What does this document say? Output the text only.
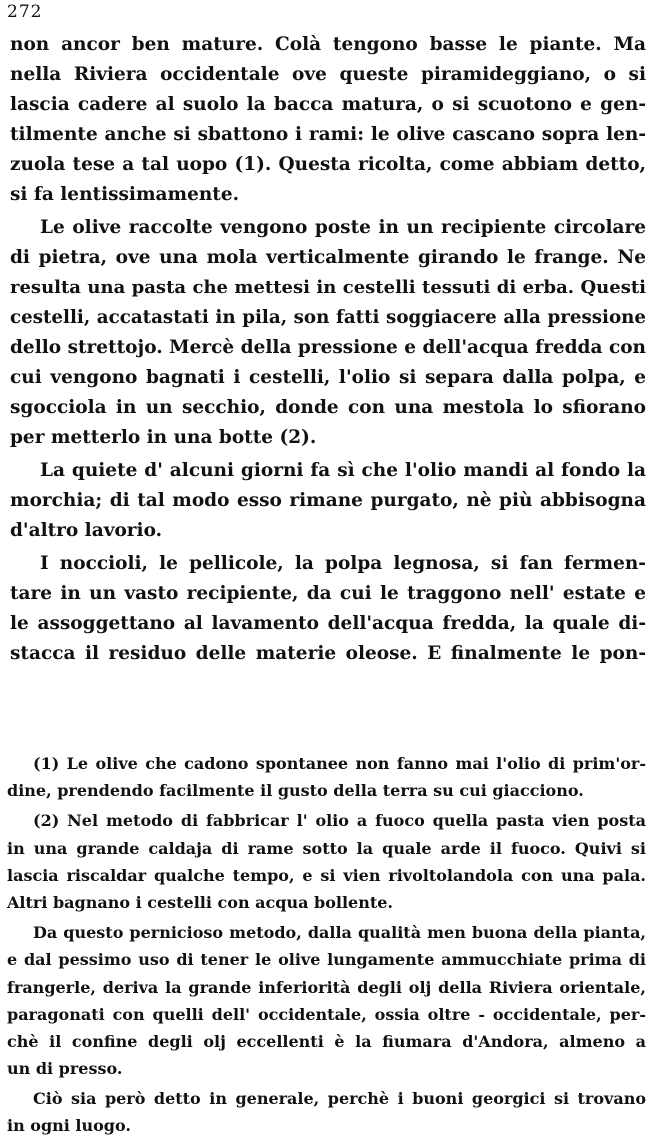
272
non ancor ben mature. Colà tengono basse le piante. Ma
nella Riviera occidentale ove queste piramideggiano, o si
lascia cadere al suolo la bacca matura, o si scuotono e gen-
tilmente anche si sbattono i rami: le olive cascano sopra len-
zuola tese a tal uopo (1). Questa ricolta, come abbiam detto,
si fa lentissimamente.
Le olive raccolte vengono poste in un recipiente circolare
di pietra, ove una mola verticalmente girando le frange. Ne
resulta una pasta che mettesi in cestelli tessuti di erba. Questi
cestelli, accatastati in pila, son fatti soggiacere alla pressione
dello strettojo. Mercè della pressione e dell'acqua fredda con
cui vengono bagnati i cestelli, l'olio si separa dalla polpa, e
sgocciola in un secchio, donde con una mestola lo sfiorano
per metterlo in una botte (2).
La quiete d' alcuni giorni fa sì che l'olio mandi al fondo la
morchia; di tal modo esso rimane purgato, nè più abbisogna
d'altro lavorio.
I noccioli, le pellicole, la polpa legnosa, si fan fermen-
tare in un vasto recipiente, da cui le traggono nell' estate e
le assoggettano al lavamento dell'acqua fredda, la quale di-
stacca il residuo delle materie oleose. E finalmente le pon-
(1) Le olive che cadono spontanee non fanno mai l'olio di prim'or-
dine, prendendo facilmente il gusto della terra su cui giacciono.
(2) Nel metodo di fabbricar l' olio a fuoco quella pasta vien posta
in una grande caldaja di rame sotto la quale arde il fuoco. Quivi si
lascia riscaldar qualche tempo, e si vien rivoltolandola con una pala.
Altri bagnano i cestelli con acqua bollente.
Da questo pernicioso metodo, dalla qualità men buona della pianta,
e dal pessimo uso di tener le olive lungamente ammucchiate prima di
frangerle, deriva la grande inferiorità degli olj della Riviera orientale,
paragonati con quelli dell' occidentale, ossia oltre - occidentale, per-
chè il confine degli olj eccellenti è la fiumara d'Andora, almeno a
un di presso.
Ciò sia però detto in generale, perchè i buoni georgici si trovano
in ogni luogo.
